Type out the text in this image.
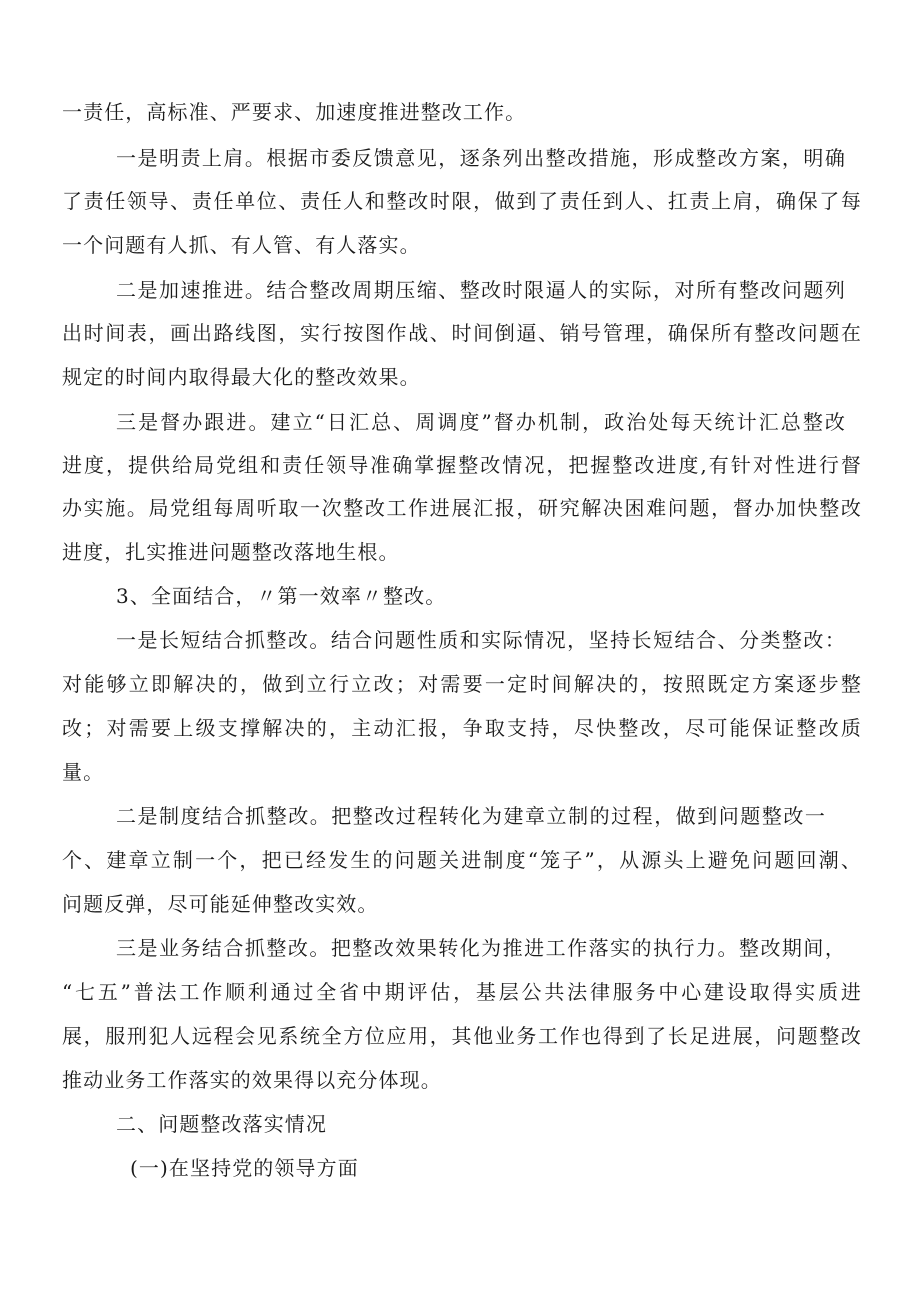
一责任，高标准、严要求、加速度推进整改工作。
一是明责上肩。根据市委反馈意见，逐条列出整改措施，形成整改方案，明确
了责任领导、责任单位、责任人和整改时限，做到了责任到人、扛责上肩，确保了每
一个问题有人抓、有人管、有人落实。
二是加速推进。结合整改周期压缩、整改时限逼人的实际，对所有整改问题列
出时间表，画出路线图，实行按图作战、时间倒逼、销号管理，确保所有整改问题在
规定的时间内取得最大化的整改效果。
三是督办跟进。建立“日汇总、周调度”督办机制，政治处每天统计汇总整改
进度，提供给局党组和责任领导准确掌握整改情况，把握整改进度,有针对性进行督
办实施。局党组每周听取一次整改工作进展汇报，研究解决困难问题，督办加快整改
进度，扎实推进问题整改落地生根。
3、全面结合，〃第一效率〃整改。
一是长短结合抓整改。结合问题性质和实际情况，坚持长短结合、分类整改：
对能够立即解决的，做到立行立改；对需要一定时间解决的，按照既定方案逐步整
改；对需要上级支撑解决的，主动汇报，争取支持，尽快整改，尽可能保证整改质
量。
二是制度结合抓整改。把整改过程转化为建章立制的过程，做到问题整改一
个、建章立制一个，把已经发生的问题关进制度“笼子”，从源头上避免问题回潮、
问题反弹，尽可能延伸整改实效。
三是业务结合抓整改。把整改效果转化为推进工作落实的执行力。整改期间，
“七五”普法工作顺利通过全省中期评估，基层公共法律服务中心建设取得实质进
展，服刑犯人远程会见系统全方位应用，其他业务工作也得到了长足进展，问题整改
推动业务工作落实的效果得以充分体现。
二、问题整改落实情况
(一)在坚持党的领导方面
